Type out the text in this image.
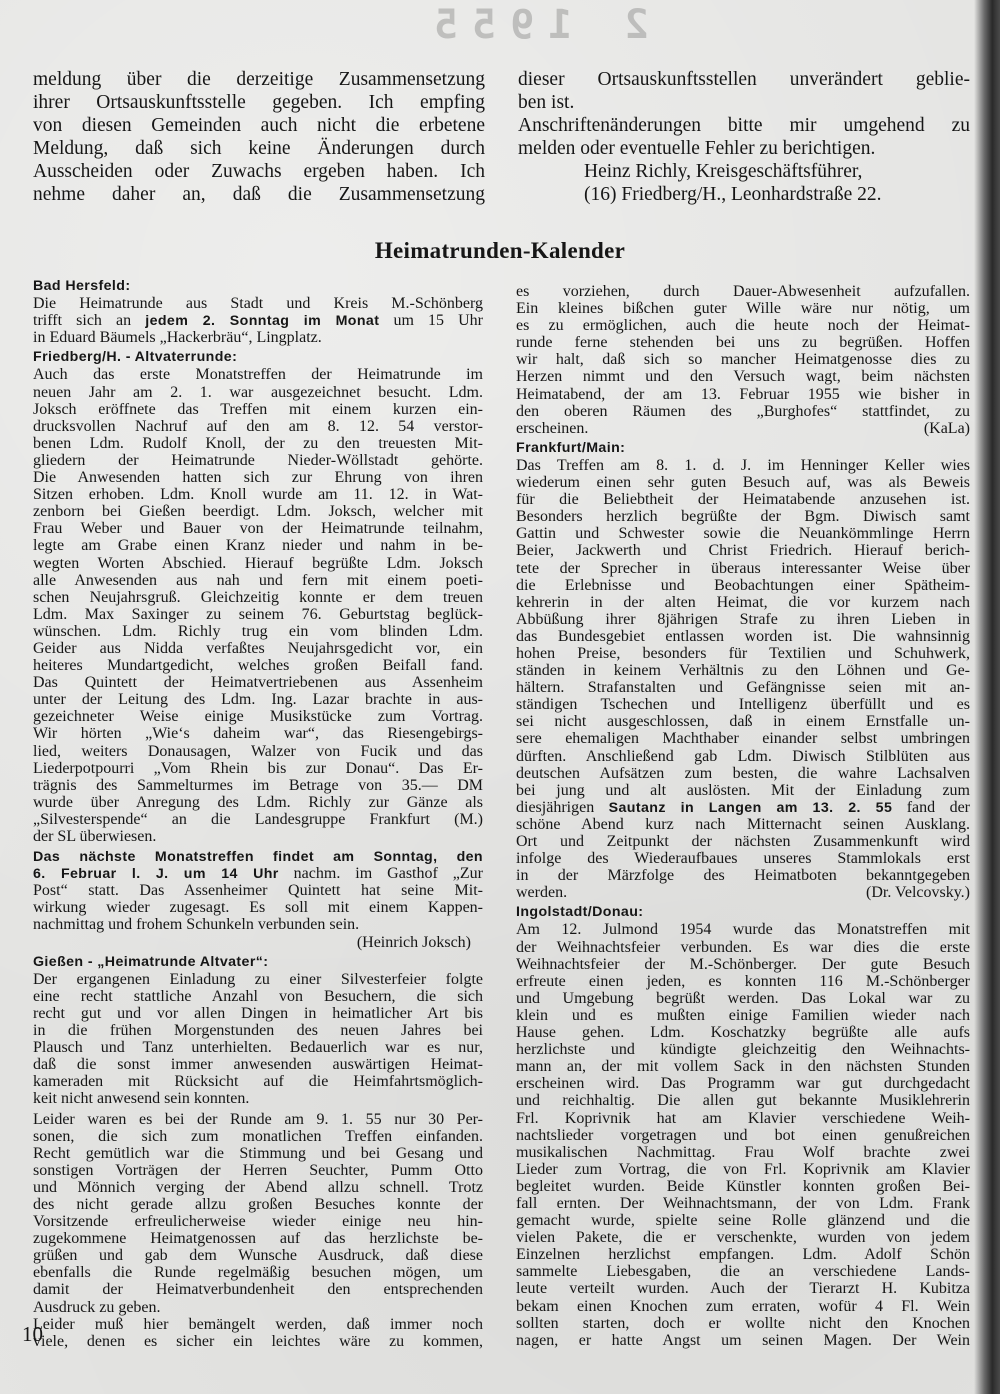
2 1955
meldung über die derzeitige Zusammensetzung
ihrer Ortsauskunftsstelle gegeben. Ich empfing
von diesen Gemeinden auch nicht die erbetene
Meldung, daß sich keine Änderungen durch
Ausscheiden oder Zuwachs ergeben haben. Ich
nehme daher an, daß die Zusammensetzung
dieser Ortsauskunftsstellen unverändert geblie-
ben ist.
Anschriftenänderungen bitte mir umgehend zu
melden oder eventuelle Fehler zu berichtigen.
Heinz Richly, Kreisgeschäftsführer,
(16) Friedberg/H., Leonhardstraße 22.
Heimatrunden-Kalender
Bad Hersfeld:
Die Heimatrunde aus Stadt und Kreis M.-Schönberg
trifft sich an jedem 2. Sonntag im Monat um 15 Uhr
in Eduard Bäumels „Hackerbräu“, Lingplatz.
Friedberg/H. - Altvaterrunde:
Auch das erste Monatstreffen der Heimatrunde im
neuen Jahr am 2. 1. war ausgezeichnet besucht. Ldm.
Joksch eröffnete das Treffen mit einem kurzen ein-
drucksvollen Nachruf auf den am 8. 12. 54 verstor-
benen Ldm. Rudolf Knoll, der zu den treuesten Mit-
gliedern der Heimatrunde Nieder-Wöllstadt gehörte.
Die Anwesenden hatten sich zur Ehrung von ihren
Sitzen erhoben. Ldm. Knoll wurde am 11. 12. in Wat-
zenborn bei Gießen beerdigt. Ldm. Joksch, welcher mit
Frau Weber und Bauer von der Heimatrunde teilnahm,
legte am Grabe einen Kranz nieder und nahm in be-
wegten Worten Abschied. Hierauf begrüßte Ldm. Joksch
alle Anwesenden aus nah und fern mit einem poeti-
schen Neujahrsgruß. Gleichzeitig konnte er dem treuen
Ldm. Max Saxinger zu seinem 76. Geburtstag beglück-
wünschen. Ldm. Richly trug ein vom blinden Ldm.
Geider aus Nidda verfaßtes Neujahrsgedicht vor, ein
heiteres Mundartgedicht, welches großen Beifall fand.
Das Quintett der Heimatvertriebenen aus Assenheim
unter der Leitung des Ldm. Ing. Lazar brachte in aus-
gezeichneter Weise einige Musikstücke zum Vortrag.
Wir hörten „Wie‘s daheim war“, das Riesengebirgs-
lied, weiters Donausagen, Walzer von Fucik und das
Liederpotpourri „Vom Rhein bis zur Donau“. Das Er-
trägnis des Sammelturmes im Betrage von 35.— DM
wurde über Anregung des Ldm. Richly zur Gänze als
„Silvesterspende“ an die Landesgruppe Frankfurt (M.)
der SL überwiesen.
Das nächste Monatstreffen findet am Sonntag, den
6. Februar l. J. um 14 Uhr nachm. im Gasthof „Zur
Post“ statt. Das Assenheimer Quintett hat seine Mit-
wirkung wieder zugesagt. Es soll mit einem Kappen-
nachmittag und frohem Schunkeln verbunden sein.
(Heinrich Joksch)
Gießen - „Heimatrunde Altvater“:
Der ergangenen Einladung zu einer Silvesterfeier folgte
eine recht stattliche Anzahl von Besuchern, die sich
recht gut und vor allen Dingen in heimatlicher Art bis
in die frühen Morgenstunden des neuen Jahres bei
Plausch und Tanz unterhielten. Bedauerlich war es nur,
daß die sonst immer anwesenden auswärtigen Heimat-
kameraden mit Rücksicht auf die Heimfahrtsmöglich-
keit nicht anwesend sein konnten.
Leider waren es bei der Runde am 9. 1. 55 nur 30 Per-
sonen, die sich zum monatlichen Treffen einfanden.
Recht gemütlich war die Stimmung und bei Gesang und
sonstigen Vorträgen der Herren Seuchter, Pumm Otto
und Mönnich verging der Abend allzu schnell. Trotz
des nicht gerade allzu großen Besuches konnte der
Vorsitzende erfreulicherweise wieder einige neu hin-
zugekommene Heimatgenossen auf das herzlichste be-
grüßen und gab dem Wunsche Ausdruck, daß diese
ebenfalls die Runde regelmäßig besuchen mögen, um
damit der Heimatverbundenheit den entsprechenden
Ausdruck zu geben.
Leider muß hier bemängelt werden, daß immer noch
viele, denen es sicher ein leichtes wäre zu kommen,
es vorziehen, durch Dauer-Abwesenheit aufzufallen.
Ein kleines bißchen guter Wille wäre nur nötig, um
es zu ermöglichen, auch die heute noch der Heimat-
runde ferne stehenden bei uns zu begrüßen. Hoffen
wir halt, daß sich so mancher Heimatgenosse dies zu
Herzen nimmt und den Versuch wagt, beim nächsten
Heimatabend, der am 13. Februar 1955 wie bisher in
den oberen Räumen des „Burghofes“ stattfindet, zu
erscheinen.	(KaLa)
Frankfurt/Main:
Das Treffen am 8. 1. d. J. im Henninger Keller wies
wiederum einen sehr guten Besuch auf, was als Beweis
für die Beliebtheit der Heimatabende anzusehen ist.
Besonders herzlich begrüßte der Bgm. Diwisch samt
Gattin und Schwester sowie die Neuankömmlinge Herrn
Beier, Jackwerth und Christ Friedrich. Hierauf berich-
tete der Sprecher in überaus interessanter Weise über
die Erlebnisse und Beobachtungen einer Spätheim-
kehrerin in der alten Heimat, die vor kurzem nach
Abbüßung ihrer 8jährigen Strafe zu ihren Lieben in
das Bundesgebiet entlassen worden ist. Die wahnsinnig
hohen Preise, besonders für Textilien und Schuhwerk,
ständen in keinem Verhältnis zu den Löhnen und Ge-
hältern. Strafanstalten und Gefängnisse seien mit an-
ständigen Tschechen und Intelligenz überfüllt und es
sei nicht ausgeschlossen, daß in einem Ernstfalle un-
sere ehemaligen Machthaber einander selbst umbringen
dürften. Anschließend gab Ldm. Diwisch Stilblüten aus
deutschen Aufsätzen zum besten, die wahre Lachsalven
bei jung und alt auslösten. Mit der Einladung zum
diesjährigen Sautanz in Langen am 13. 2. 55 fand der
schöne Abend kurz nach Mitternacht seinen Ausklang.
Ort und Zeitpunkt der nächsten Zusammenkunft wird
infolge des Wiederaufbaues unseres Stammlokals erst
in der Märzfolge des Heimatboten bekanntgegeben
werden.	(Dr. Velcovsky.)
Ingolstadt/Donau:
Am 12. Julmond 1954 wurde das Monatstreffen mit
der Weihnachtsfeier verbunden. Es war dies die erste
Weihnachtsfeier der M.-Schönberger. Der gute Besuch
erfreute einen jeden, es konnten 116 M.-Schönberger
und Umgebung begrüßt werden. Das Lokal war zu
klein und es mußten einige Familien wieder nach
Hause gehen. Ldm. Koschatzky begrüßte alle aufs
herzlichste und kündigte gleichzeitig den Weihnachts-
mann an, der mit vollem Sack in den nächsten Stunden
erscheinen wird. Das Programm war gut durchgedacht
und reichhaltig. Die allen gut bekannte Musiklehrerin
Frl. Koprivnik hat am Klavier verschiedene Weih-
nachtslieder vorgetragen und bot einen genußreichen
musikalischen Nachmittag. Frau Wolf brachte zwei
Lieder zum Vortrag, die von Frl. Koprivnik am Klavier
begleitet wurden. Beide Künstler konnten großen Bei-
fall ernten. Der Weihnachtsmann, der von Ldm. Frank
gemacht wurde, spielte seine Rolle glänzend und die
vielen Pakete, die er verschenkte, wurden von jedem
Einzelnen herzlichst empfangen. Ldm. Adolf Schön
sammelte Liebesgaben, die an verschiedene Lands-
leute verteilt wurden. Auch der Tierarzt H. Kubitza
bekam einen Knochen zum erraten, wofür 4 Fl. Wein
sollten starten, doch er wollte nicht den Knochen
nagen, er hatte Angst um seinen Magen. Der Wein
10
